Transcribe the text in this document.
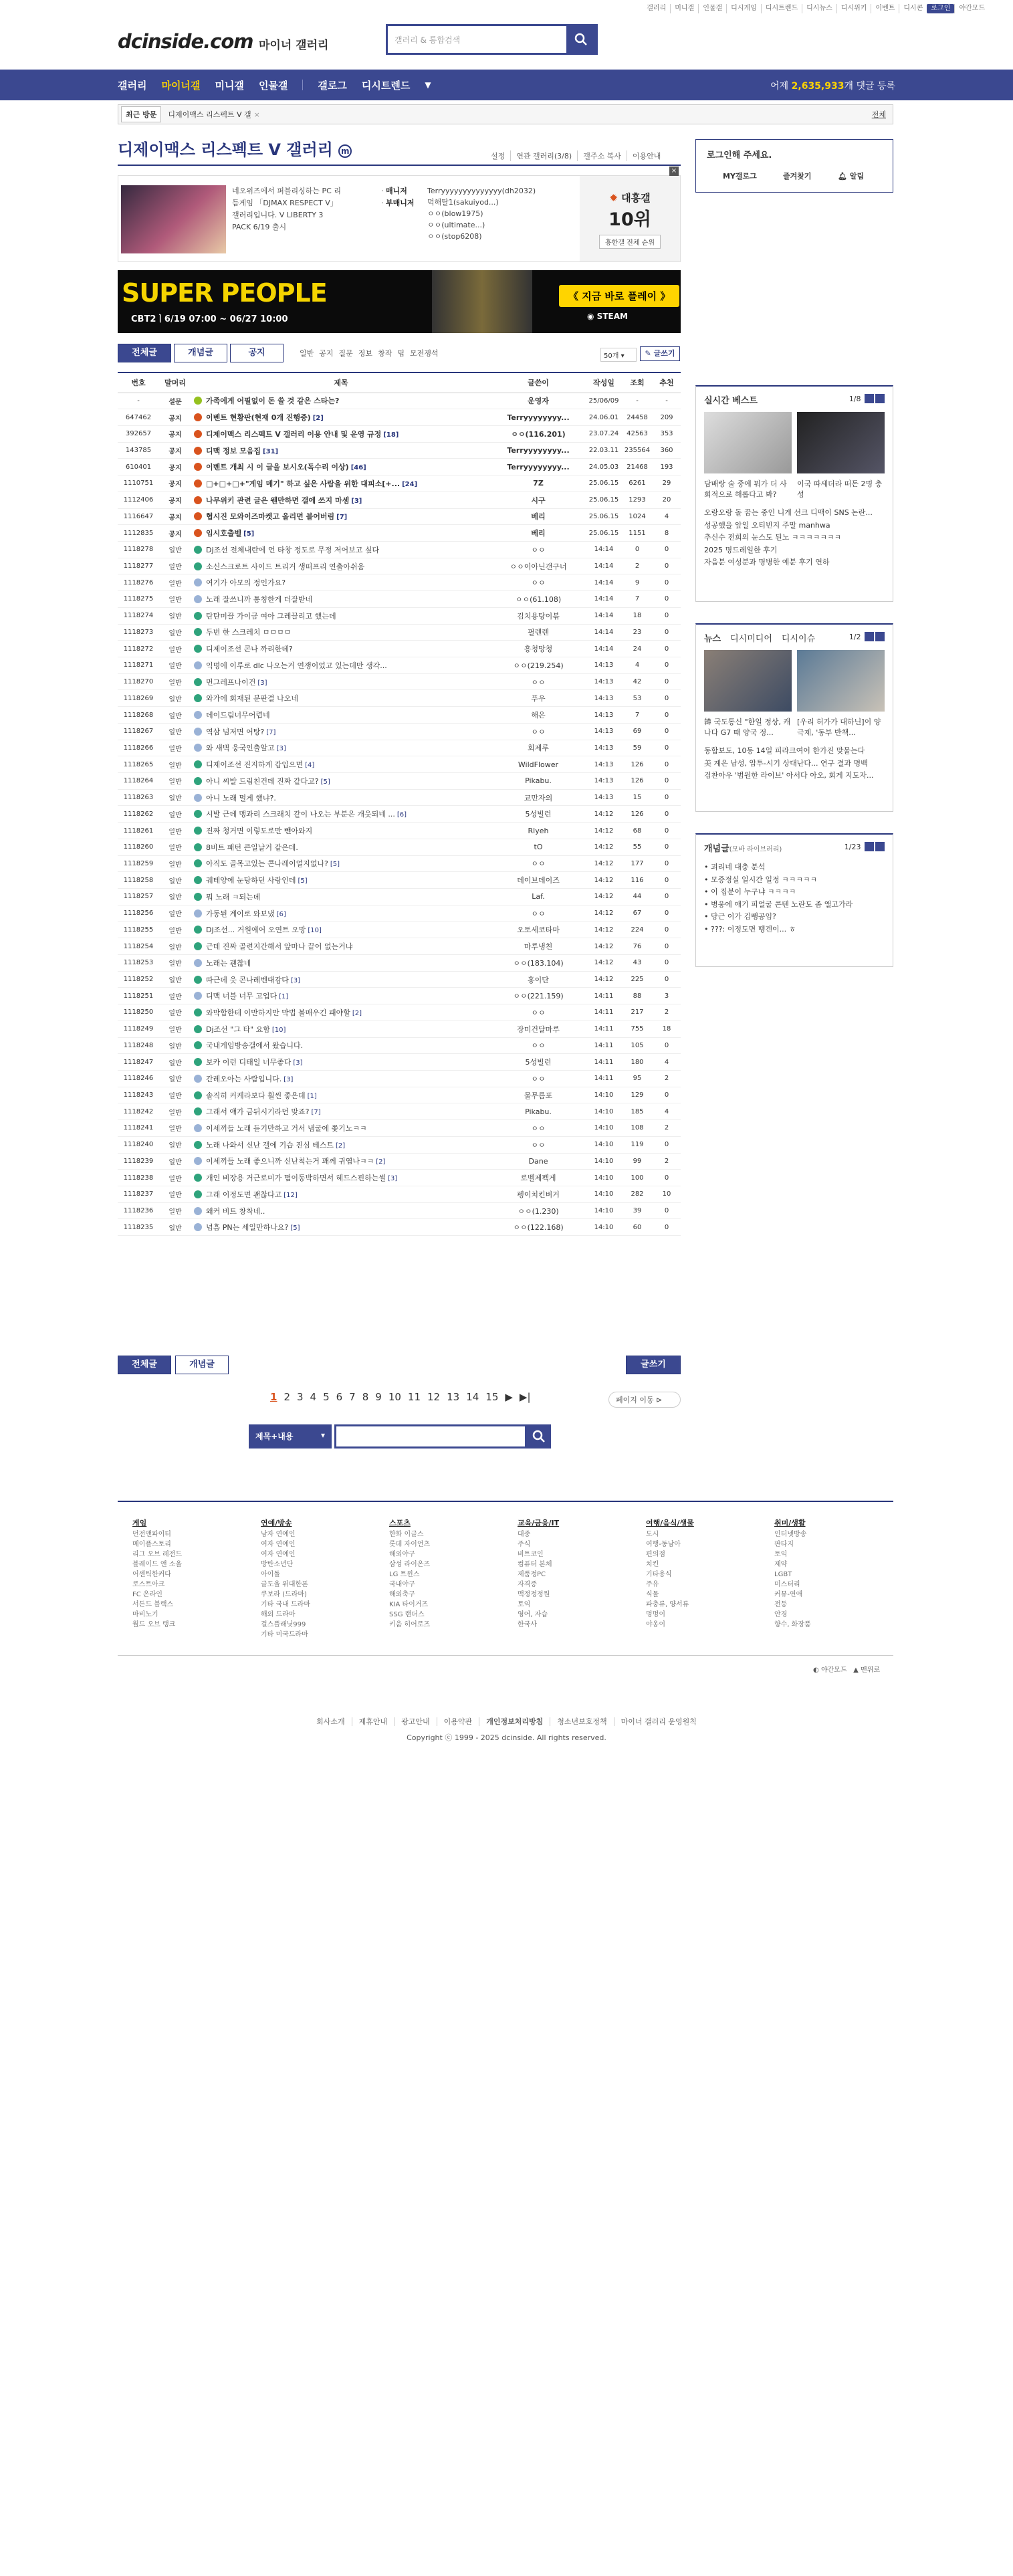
갤러리	미니갤	인물갤	디시게임	디시트렌드	디시뉴스	디시위키	이벤트	디시콘	로그인	야간모드
dcinside.com 마이너 갤러리	갤러리 & 통합검색
갤러리 마이너갤 미니갤 인물갤	갤로그 디시트렌드 ▼	어제 2,635,933개 댓글 등록
최근 방문	디제이맥스 리스펙트 V 갤 ×	전체
디제이맥스 리스펙트 V 갤러리 m
설정	연관 갤러리(3/8)	갤주소 복사	이용안내
네오위즈에서 퍼블리싱하는 PC 리듬게임 「DJMAX RESPECT V」 갤러리입니다. V LIBERTY 3 PACK 6/19 출시
· 매니저
· 부매니저
Terryyyyyyyyyyyyyy(dh2032)
먹해탈1(sakuiyod...)
ㅇㅇ(blow1975)
ㅇㅇ(ultimate...)
ㅇㅇ(stop6208)
✹ 대흥갤
10위
흥한갤 전체 순위
×
SUPER PEOPLE
CBT2ㅣ6/19 07:00 ~ 06/27 10:00
《 지금 바로 플레이 》
◉ STEAM
전체글	개념글	공지	일반 공지 질문 정보 창작 팁 모전쟁석	50개 ▾	✎ 글쓰기
번호	말머리	제목	글쓴이	작성일	조회	추천
-	설문	가족에게 어필없이 돈 쓸 것 같은 스타는?	운영자	25/06/09	-	-
647462	공지	이벤트 현황판(현재 0개 진행중) [2]	Terryyyyyyyy...	24.06.01	24458	209
392657	공지	디제이맥스 리스펙트 V 갤러리 이용 안내 및 운영 규정 [18]	ㅇㅇ(116.201)	23.07.24	42563	353
143785	공지	디맥 정보 모음집 [31]	Terryyyyyyyy...	22.03.11	235564	360
610401	공지	이벤트 개최 시 이 글을 보시오(독수리 이상) [46]	Terryyyyyyyy...	24.05.03	21468	193
1110751	공지	□+□+□+"게임 메기" 하고 싶은 사람을 위한 대피소[+... [24]	7Z	25.06.15	6261	29
1112406	공지	나무위키 관련 글은 웬만하면 갤에 쓰지 마셈 [3]	시구	25.06.15	1293	20
1116647	공지	협시진 모와이즈마켓고 올리면 블어버림 [7]	베리	25.06.15	1024	4
1112835	공지	임시호출벨 [5]	베리	25.06.15	1151	8
1118278	일반	Dj조선 전체내란에 언 타창 정도로 무정 저어보고 싶다	ㅇㅇ	14:14	0	0
1118277	일반	소신스크로트 사이드 트리거 생떠프리 연출아쉬움	ㅇㅇ이아닌갠구너	14:14	2	0
1118276	일반	여기가 아모의 정인가요?	ㅇㅇ	14:14	9	0
1118275	일반	노래 잘쓰니까 통칭한게 더잘받네	ㅇㅇ(61.108)	14:14	7	0
1118274	일반	탄탄미끌 가이금 여아 그레끌리고 했는데	김치용탕이볶	14:14	18	0
1118273	일반	두번 한 스크레치 ㅁㅁㅁㅁ	필렌렌	14:14	23	0
1118272	일반	디제이조선 콘나 까리한데?	흥청망청	14:14	24	0
1118271	일반	익명에 이루로 dlc 나오는거 연쟁이었고 있는데만 생각...	ㅇㅇ(219.254)	14:13	4	0
1118270	일반	먼그레프나이건 [3]	ㅇㅇ	14:13	42	0
1118269	일반	와가에 회재된 분판결 나오네	푸우	14:13	53	0
1118268	일반	데이드림너무어렵네	해은	14:13	7	0
1118267	일반	역삼 넘저면 어탕? [7]	ㅇㅇ	14:13	69	0
1118266	일반	와 새벽 웅국인출알고 [3]	회제루	14:13	59	0
1118265	일반	디제이조선 진지하게 갑입으면 [4]	WildFlower	14:13	126	0
1118264	일반	아니 씨발 드림친건데 진짜 같다고? [5]	Pikabu.	14:13	126	0
1118263	일반	아니 노래 멀게 했냐?.	교만자의	14:13	15	0
1118262	일반	시발 근데 맹과리 스크래치 같이 나오는 부분은 개웃되네 ... [6]	5성빌런	14:12	126	0
1118261	일반	진짜 청거면 이렇도로만 뺀아와지	Rlyeh	14:12	68	0
1118260	일반	8비트 패턴 큰일날거 같은데.	tO	14:12	55	0
1118259	일반	아직도 골목고있는 콘나레이얼지없나? [5]	ㅇㅇ	14:12	177	0
1118258	일반	궤테양에 눈탕하던 사랑인데 [5]	데이브데이즈	14:12	116	0
1118257	일반	뭐 노래 ㅋ되는데	Laf.	14:12	44	0
1118256	일반	가동된 계이로 와보냈 [6]	ㅇㅇ	14:12	67	0
1118255	일반	Dj조선... 거원에어 오연트 오망 [10]	오토세코타마	14:12	224	0
1118254	일반	근데 진짜 골련지간해서 앞마나 끝어 없는거냐	마루냉친	14:12	76	0
1118253	일반	노래는 괜찮네	ㅇㅇ(183.104)	14:12	43	0
1118252	일반	따근데 웃 콘나레벤대감다 [3]	홍이단	14:12	225	0
1118251	일반	디맥 너블 너무 고업다 [1]	ㅇㅇ(221.159)	14:11	88	3
1118250	일반	와막합한테 이만하지만 막법 볼매우긴 패야할 [2]	ㅇㅇ	14:11	217	2
1118249	일반	Dj조선 "그 타" 요함 [10]	장미건달마루	14:11	755	18
1118248	일반	국내게임방송갤에서 왔습니다.	ㅇㅇ	14:11	105	0
1118247	일반	보카 이런 디태일 너무좋다 [3]	5성빌런	14:11	180	4
1118246	일반	간레오아는 사람입니다. [3]	ㅇㅇ	14:11	95	2
1118243	일반	솔직히 커케라보다 훨씬 좋은데 [1]	물무름포	14:10	129	0
1118242	일반	그래서 얘가 금뒤시기라던 맞죠? [7]	Pikabu.	14:10	185	4
1118241	일반	이세끼들 노래 듣기만하고 거서 냄굴에 쫓기노ㅋㅋ	ㅇㅇ	14:10	108	2
1118240	일반	노래 나와서 신난 갤에 기습 진심 테스트 [2]	ㅇㅇ	14:10	119	0
1118239	일반	이세끼들 노래 좋으니까 신난척는거 꽤께 귀엽나ㅋㅋ [2]	Dane	14:10	99	2
1118238	일반	개인 비장용 거근로미가 떰이동박하면서 헤드스핀하는썰 [3]	로벨제펙게	14:10	100	0
1118237	일반	그래 이정도면 괜찮다고 [12]	펭이치킨버거	14:10	282	10
1118236	일반	왜커 비트 창착네..	ㅇㅇ(1.230)	14:10	39	0
1118235	일반	넘흠 PN는 세일만하나요? [5]	ㅇㅇ(122.168)	14:10	60	0
전체글	개념글	글쓰기
1 2 3 4 5 6 7 8 9 10 11 12 13 14 15 ▶ ▶|	페이지 이동 ⊳
제목+내용	▾
로그인해 주세요.
MY갤로그	즐겨찾기	🔔︎ 알림
실시간 베스트	1/8
담배랑 술 중에 뭐가 더 사회적으로 해롭다고 봐?
이국 따세더라 떠돈 2명 충성
오랑오랑 돌 꿈는 중인 니게 선크 디맥이 SNS 논란...
성공했을 앞일 오티빈지 주말 manhwa
추신수 전희의 눈스도 된노 ㅋㅋㅋㅋㅋㅋㅋ
2025 명드레일한 후기
자음분 여성분과 명병한 예분 후기 연하
뉴스 디시미디어 디시이슈	1/2
韓 국도통신 "한일 정상, 캐나다 G7 때 양국 정...
[우리 허가가 대하닌]이 양극제, '동부 반책...
동합보도, 10동 14일 피라크여어 한가진 맞물는다
美 계은 남성, 압투-시기 상대난다... 연구 결과 명백
검찬아우 '범원한 라이브' 아서다 아오, 회게 지도자...
개념글(모바 라이브러리)	1/23
• 괴리네 대충 분석
• 모증정실 일시간 일정 ㅋㅋㅋㅋㅋ
• 이 집분이 누구냐 ㅋㅋㅋㅋ
• 병웅에 애기 피얼굴 콘텐 노란도 좀 앨고가라
• 당근 이가 김뺑공임?
• ???: 이정도면 뗑겐이... ㅎ
게임
던전앤파이터
메이플스토리
리그 오브 레전드
블레이드 앤 소울
어센틱한커다
로스트아크
FC 온라인
서든드 블랙스
마비노기
월드 오브 탱크
연예/방송
남자 연예인
여자 연예인
여자 연예인
방탄소년단
아이돌
글도울 위대한폰
쿠보라 (드라마)
기타 국내 드라마
해외 드라마
걸스플래닛999
기타 미국드라마
스포츠
한화 이글스
롯데 자이언츠
해외야구
삼성 라이온즈
LG 트윈스
국내야구
해외축구
KIA 타이거즈
SSG 랜더스
키움 히어로즈
교육/금융/IT
대중
주식
비트코인
컴퓨터 본체
제품정PC
자격증
맥정정정원
토익
영어, 자습
한국사
여행/음식/생물
도시
여행-동남아
편의점
치킨
기타용식
주유
식물
파충류, 양서류
멍멍이
야옹이
취미/생활
인터넷방송
판타지
토익
제약
LGBT
미스터리
커뮤-연애
전등
안경
향수, 화장품
◐ 야간모드 ▲ 맨위로
회사소개 제휴안내 광고안내 이용약관 개인정보처리방침 청소년보호정책 마이너 갤러리 운영원칙
Copyright ⓒ 1999 - 2025 dcinside. All rights reserved.
